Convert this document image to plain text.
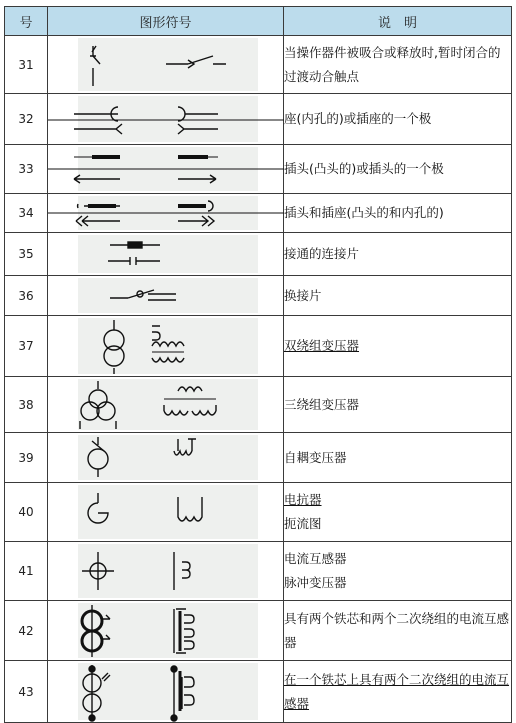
号	图形符号	说　明
31		当操作器件被吸合或释放时,暂时闭合的过渡动合触点
32		座(内孔的)或插座的一个极
33		插头(凸头的)或插头的一个极
34		插头和插座(凸头的和内孔的)
35		接通的连接片
36		换接片
37		双绕组变压器
38		三绕组变压器
39		自耦变压器
40		电抗器
扼流图

41		电流互感器
脉冲变压器

42		具有两个铁芯和两个二次绕组的电流互感器
43		在一个铁芯上具有两个二次绕组的电流互感器
